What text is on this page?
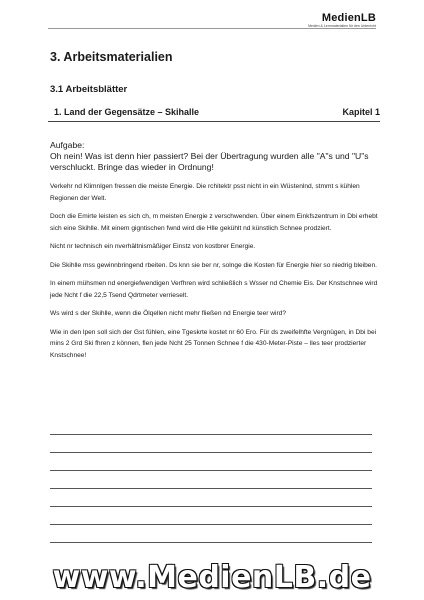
MedienLB
Medien & Lernmaterialien für den Unterricht
3. Arbeitsmaterialien
3.1 Arbeitsblätter
1. Land der Gegensätze – Skihalle	Kapitel 1
Aufgabe:
Oh nein! Was ist denn hier passiert? Bei der Übertragung wurden alle "A"s und "U"s verschluckt. Bringe das wieder in Ordnung!

Verkehr nd Klimnlgen fressen die meiste Energie. Die rchitektr psst nicht in ein Wüstenlnd, stmmt s kühlen Regionen der Welt.

Doch die Emirte leisten es sich ch, m meisten Energie z verschwenden. Über einem Einkfszentrum in Dbi erhebt sich eine Skihlle. Mit einem gigntischen fwnd wird die Hlle gekühlt nd künstlich Schnee prodziert.

Nicht nr technisch ein nverhältnismäßiger Einstz von kostbrer Energie.

Die Skihlle mss gewinnbringend rbeiten. Ds knn sie ber nr, solnge die Kosten für Energie hier so niedrig bleiben.

In einem mühsmen nd energiefwendigen Verfhren wird schließlich s Wsser nd Chemie Eis. Der Knstschnee wird jede Ncht f die 22,5 Tsend Qdrtmeter verrieselt.

Ws wird s der Skihlle, wenn die Ölqellen nicht mehr fließen nd Energie teer wird?

Wie in den lpen soll sich der Gst fühlen, eine Tgeskrte kostet nr 60 Ero. Für ds zweifelhfte Vergnügen, in Dbi bei mins 2 Grd Ski fhren z können, flen jede Ncht 25 Tonnen Schnee f die 430-Meter-Piste – lles teer prodzierter Knstschnee!

www.MedienLB.de
